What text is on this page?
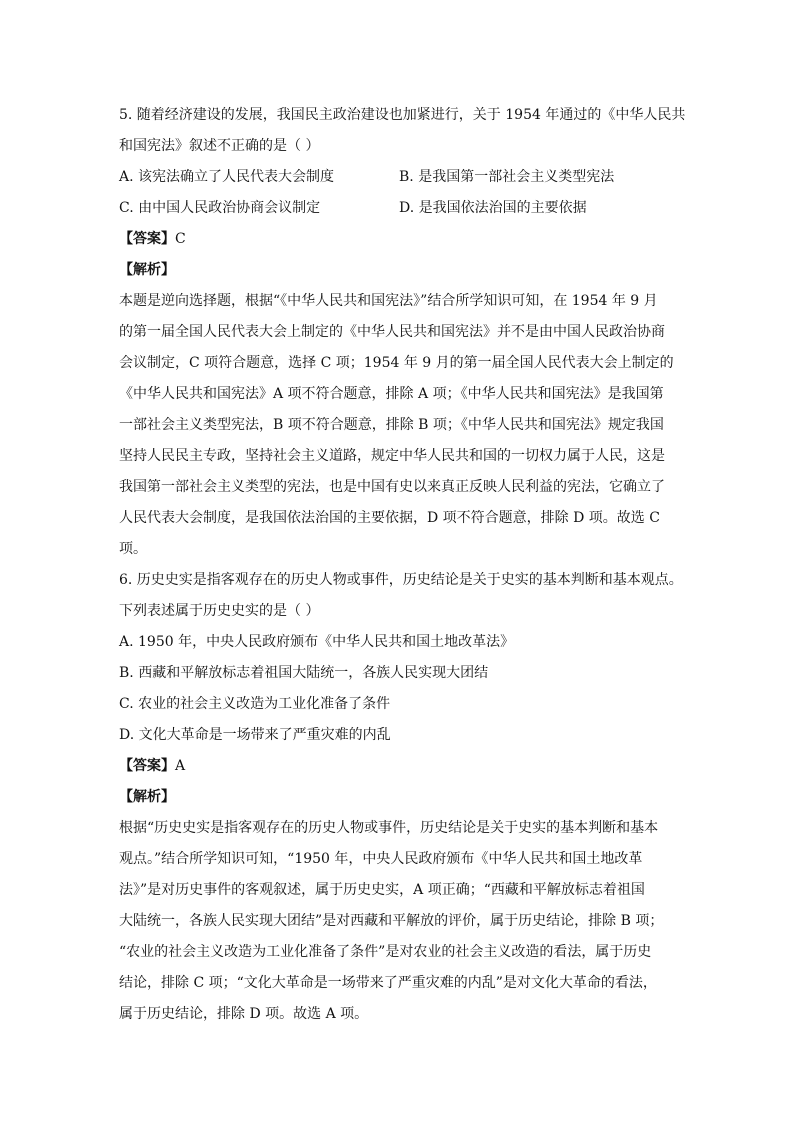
5. 随着经济建设的发展，我国民主政治建设也加紧进行，关于 1954 年通过的《中华人民共
和国宪法》叙述不正确的是（ ）
A. 该宪法确立了人民代表大会制度	B. 是我国第一部社会主义类型宪法
C. 由中国人民政治协商会议制定	D. 是我国依法治国的主要依据
【答案】C
【解析】
本题是逆向选择题，根据“《中华人民共和国宪法》”结合所学知识可知，在 1954 年 9 月
的第一届全国人民代表大会上制定的《中华人民共和国宪法》并不是由中国人民政治协商
会议制定，C 项符合题意，选择 C 项；1954 年 9 月的第一届全国人民代表大会上制定的
《中华人民共和国宪法》A 项不符合题意，排除 A 项；《中华人民共和国宪法》是我国第
一部社会主义类型宪法，B 项不符合题意，排除 B 项；《中华人民共和国宪法》规定我国
坚持人民民主专政，坚持社会主义道路，规定中华人民共和国的一切权力属于人民，这是
我国第一部社会主义类型的宪法，也是中国有史以来真正反映人民利益的宪法，它确立了
人民代表大会制度，是我国依法治国的主要依据，D 项不符合题意，排除 D 项。故选 C
项。
6. 历史史实是指客观存在的历史人物或事件，历史结论是关于史实的基本判断和基本观点。
下列表述属于历史史实的是（ ）
A. 1950 年，中央人民政府颁布《中华人民共和国土地改革法》
B. 西藏和平解放标志着祖国大陆统一，各族人民实现大团结
C. 农业的社会主义改造为工业化准备了条件
D. 文化大革命是一场带来了严重灾难的内乱
【答案】A
【解析】
根据“历史史实是指客观存在的历史人物或事件，历史结论是关于史实的基本判断和基本
观点。”结合所学知识可知，“1950 年，中央人民政府颁布《中华人民共和国土地改革
法》”是对历史事件的客观叙述，属于历史史实，A 项正确；“西藏和平解放标志着祖国
大陆统一，各族人民实现大团结”是对西藏和平解放的评价，属于历史结论，排除 B 项；
“农业的社会主义改造为工业化准备了条件”是对农业的社会主义改造的看法，属于历史
结论，排除 C 项；“文化大革命是一场带来了严重灾难的内乱”是对文化大革命的看法，
属于历史结论，排除 D 项。故选 A 项。
